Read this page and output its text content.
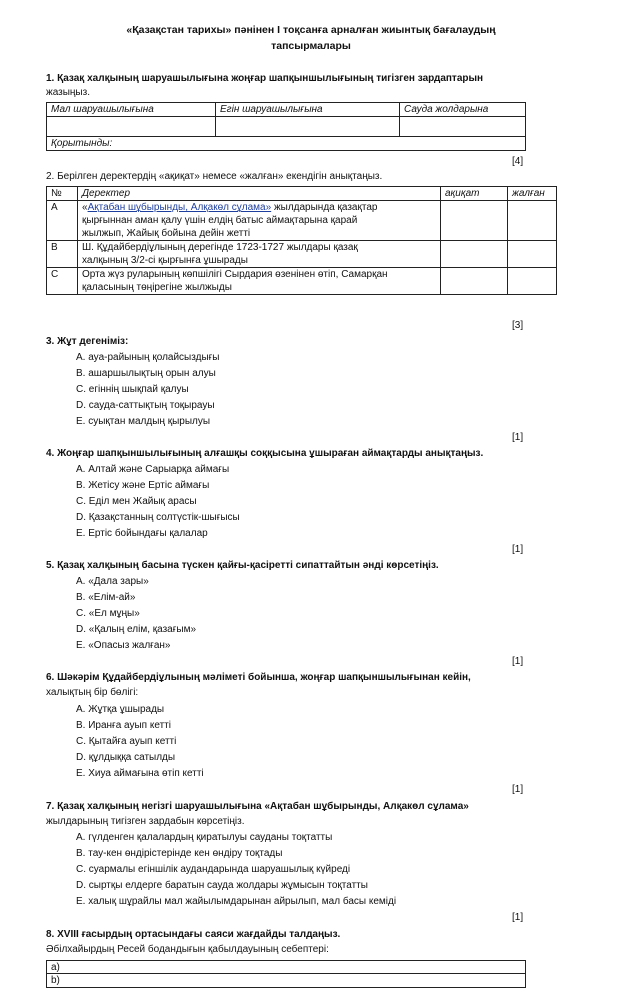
«Қазақстан тарихы» пәнінен І тоқсанға арналған жиынтық бағалаудың
тапсырмалары
1. Қазақ халқының шаруашылығына жоңғар шапқыншылығының тигізген зардаптарын
жазыңыз.
Мал шаруашылығына	Егін шаруашылығына	Сауда жолдарына

Қорытынды:		
[4]
2. Берілген деректердің «ақиқат» немесе «жалған» екендігін анықтаңыз.
№	Деректер	ақиқат	жалған
A	«Ақтабан шұбырынды, Алқакөл сұлама» жылдарында қазақтар
қырғыннан аман қалу үшін елдің батыс аймақтарына қарай
жылжып, Жайық бойына дейін жетті		

B	Ш. Құдайбердіұлының дерегінде 1723-1727 жылдары қазақ
халқының 3/2-сі қырғынға ұшырады		

C	Орта жүз руларының көпшілігі Сырдария өзенінен өтіп, Самарқан
қаласының төңірегіне жылжыды		

[3]
3. Жұт дегеніміз:
A. ауа-райының қолайсыздығы
B. ашаршылықтың орын алуы
C. егіннің шықпай қалуы
D. сауда-саттықтың тоқырауы
E. суықтан малдың қырылуы
[1]
4. Жоңғар шапқыншылығының алғашқы соққысына ұшыраған аймақтарды анықтаңыз.
A. Алтай және Сарыарқа аймағы
B. Жетісу және Ертіс аймағы
C. Еділ мен Жайық арасы
D. Қазақстанның солтүстік-шығысы
E. Ертіс бойындағы қалалар
[1]
5. Қазақ халқының басына түскен қайғы-қасіретті сипаттайтын әнді көрсетіңіз.
A. «Дала зары»
B. «Елім-ай»
C. «Ел мұңы»
D. «Қалың елім, қазағым»
E. «Опасыз жалған»
[1]
6. Шәкәрім Құдайбердіұлының мәліметі бойынша, жоңғар шапқыншылығынан кейін,
халықтың бір бөлігі:
A. Жұтқа ұшырады
B. Иранға ауып кетті
C. Қытайға ауып кетті
D. құлдыққа сатылды
E. Хиуа аймағына өтіп кетті
[1]
7. Қазақ халқының негізгі шаруашылығына «Ақтабан шұбырынды, Алқакөл сұлама»
жылдарының тигізген зардабын көрсетіңіз.
A. гүлденген қалалардың қиратылуы сауданы тоқтатты
B. тау-кен өндірістерінде кен өндіру тоқтады
C. суармалы егіншілік аудандарында шаруашылық күйреді
D. сыртқы елдерге баратын сауда жолдары жұмысын тоқтатты
E. халық шұрайлы мал жайылымдарынан айрылып, мал басы кеміді
[1]
8. XVIII ғасырдың ортасындағы саяси жағдайды талдаңыз.
Әбілхайырдың Ресей бодандығын қабылдауының себептері:
a)
b)
